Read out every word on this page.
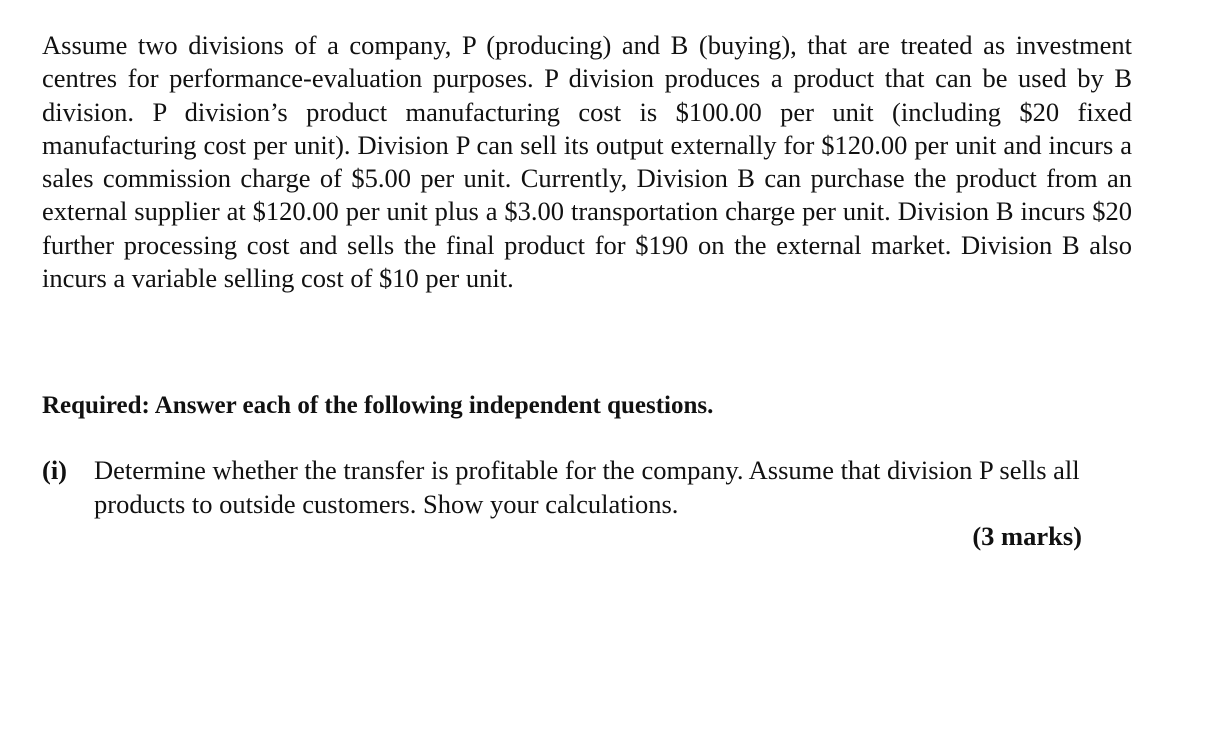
Assume two divisions of a company, P (producing) and B (buying), that are treated as investment centres for performance-evaluation purposes. P division produces a product that can be used by B division. P division’s product manufacturing cost is $100.00 per unit (including $20 fixed manufacturing cost per unit). Division P can sell its output externally for $120.00 per unit and incurs a sales commission charge of $5.00 per unit. Currently, Division B can purchase the product from an external supplier at $120.00 per unit plus a $3.00 transportation charge per unit. Division B incurs $20 further processing cost and sells the final product for $190 on the external market. Division B also incurs a variable selling cost of $10 per unit.

Required: Answer each of the following independent questions.

(i) Determine whether the transfer is profitable for the company. Assume that division P sells all products to outside customers. Show your calculations.

(3 marks)
